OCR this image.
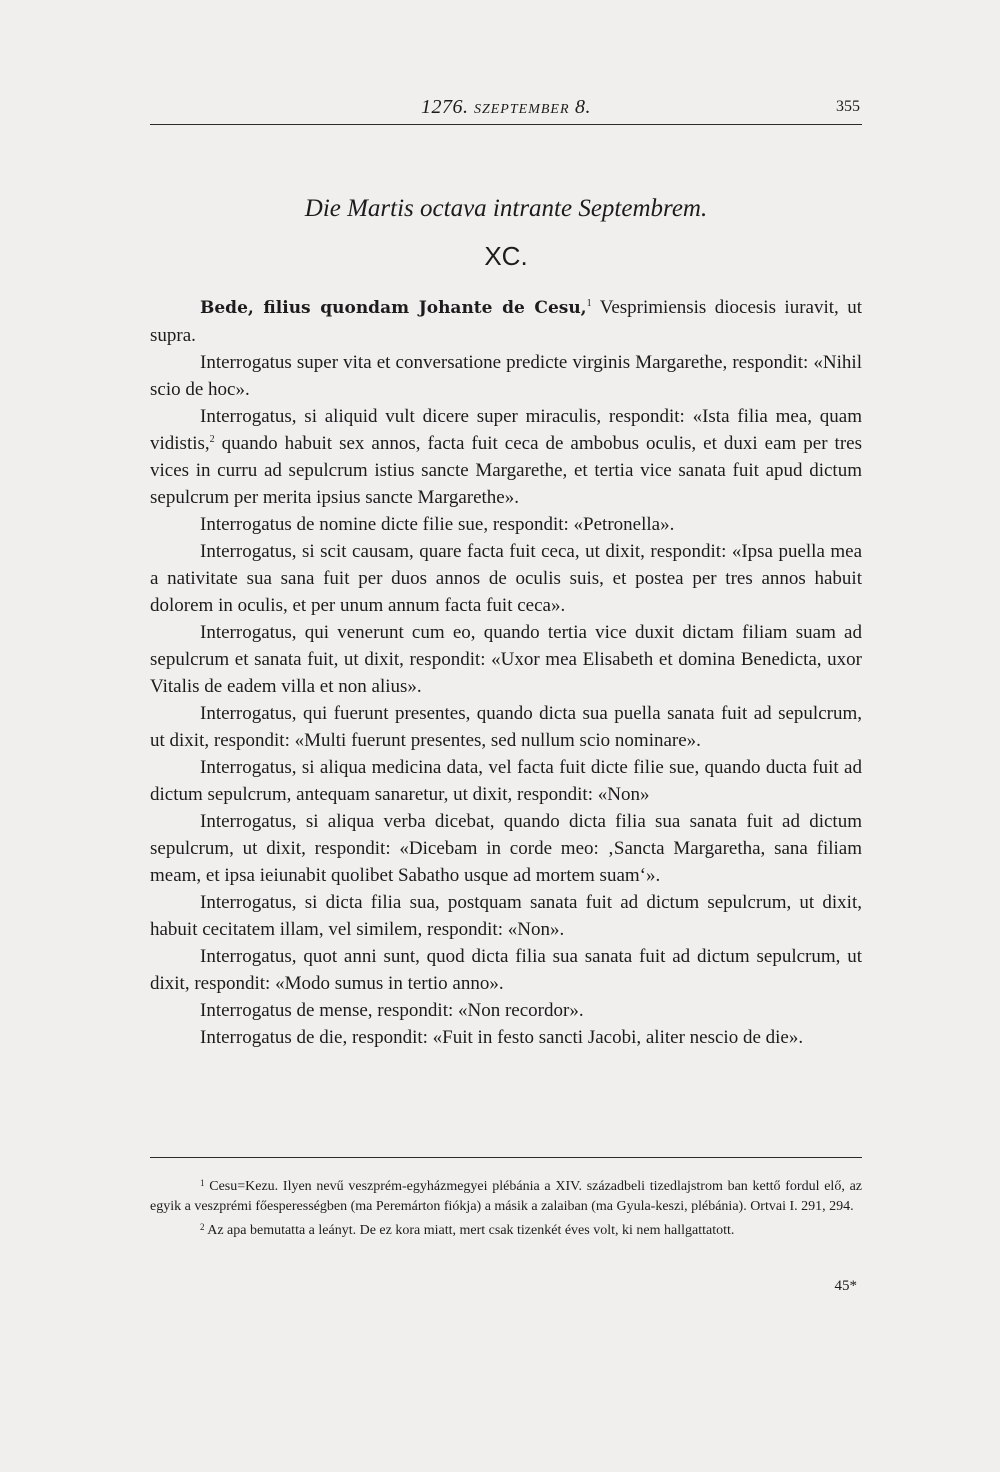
1276. SZEPTEMBER 8.	355
Die Martis octava intrante Septembrem.
XC.

Bede, filius quondam Johante de Cesu,$^1$ Vesprimiensis diocesis iuravit, ut supra.

Interrogatus super vita et conversatione predicte virginis Margarethe, respondit: «Nihil scio de hoc».

Interrogatus, si aliquid vult dicere super miraculis, respondit: «Ista filia mea, quam vidistis,$^2$ quando habuit sex annos, facta fuit ceca de ambobus oculis, et duxi eam per tres vices in curru ad sepulcrum istius sancte Margarethe, et tertia vice sanata fuit apud dictum sepulcrum per merita ipsius sancte Margarethe».

Interrogatus de nomine dicte filie sue, respondit: «Petronella».

Interrogatus, si scit causam, quare facta fuit ceca, ut dixit, respondit: «Ipsa puella mea a nativitate sua sana fuit per duos annos de oculis suis, et postea per tres annos habuit dolorem in oculis, et per unum annum facta fuit ceca».

Interrogatus, qui venerunt cum eo, quando tertia vice duxit dictam filiam suam ad sepulcrum et sanata fuit, ut dixit, respondit: «Uxor mea Elisabeth et domina Benedicta, uxor Vitalis de eadem villa et non alius».

Interrogatus, qui fuerunt presentes, quando dicta sua puella sanata fuit ad sepulcrum, ut dixit, respondit: «Multi fuerunt presentes, sed nullum scio nominare».

Interrogatus, si aliqua medicina data, vel facta fuit dicte filie sue, quando ducta fuit ad dictum sepulcrum, antequam sanaretur, ut dixit, respondit: «Non»

Interrogatus, si aliqua verba dicebat, quando dicta filia sua sanata fuit ad dictum sepulcrum, ut dixit, respondit: «Dicebam in corde meo: ‚Sancta Margaretha, sana filiam meam, et ipsa ieiunabit quolibet Sabatho usque ad mortem suam‘».

Interrogatus, si dicta filia sua, postquam sanata fuit ad dictum sepulcrum, ut dixit, habuit cecitatem illam, vel similem, respondit: «Non».

Interrogatus, quot anni sunt, quod dicta filia sua sanata fuit ad dictum sepulcrum, ut dixit, respondit: «Modo sumus in tertio anno».

Interrogatus de mense, respondit: «Non recordor».

Interrogatus de die, respondit: «Fuit in festo sancti Jacobi, aliter nescio de die».

$^1$ Cesu=Kezu. Ilyen nevű veszprém-egyházmegyei plébánia a XIV. századbeli tizedlajstrom ban kettő fordul elő, az egyik a veszprémi főesperességben (ma Peremárton fiókja) a másik a zalaiban (ma Gyula-keszi, plébánia). Ortvai I. 291, 294.

$^2$ Az apa bemutatta a leányt. De ez kora miatt, mert csak tizenkét éves volt, ki nem hallgattatott.

45*
